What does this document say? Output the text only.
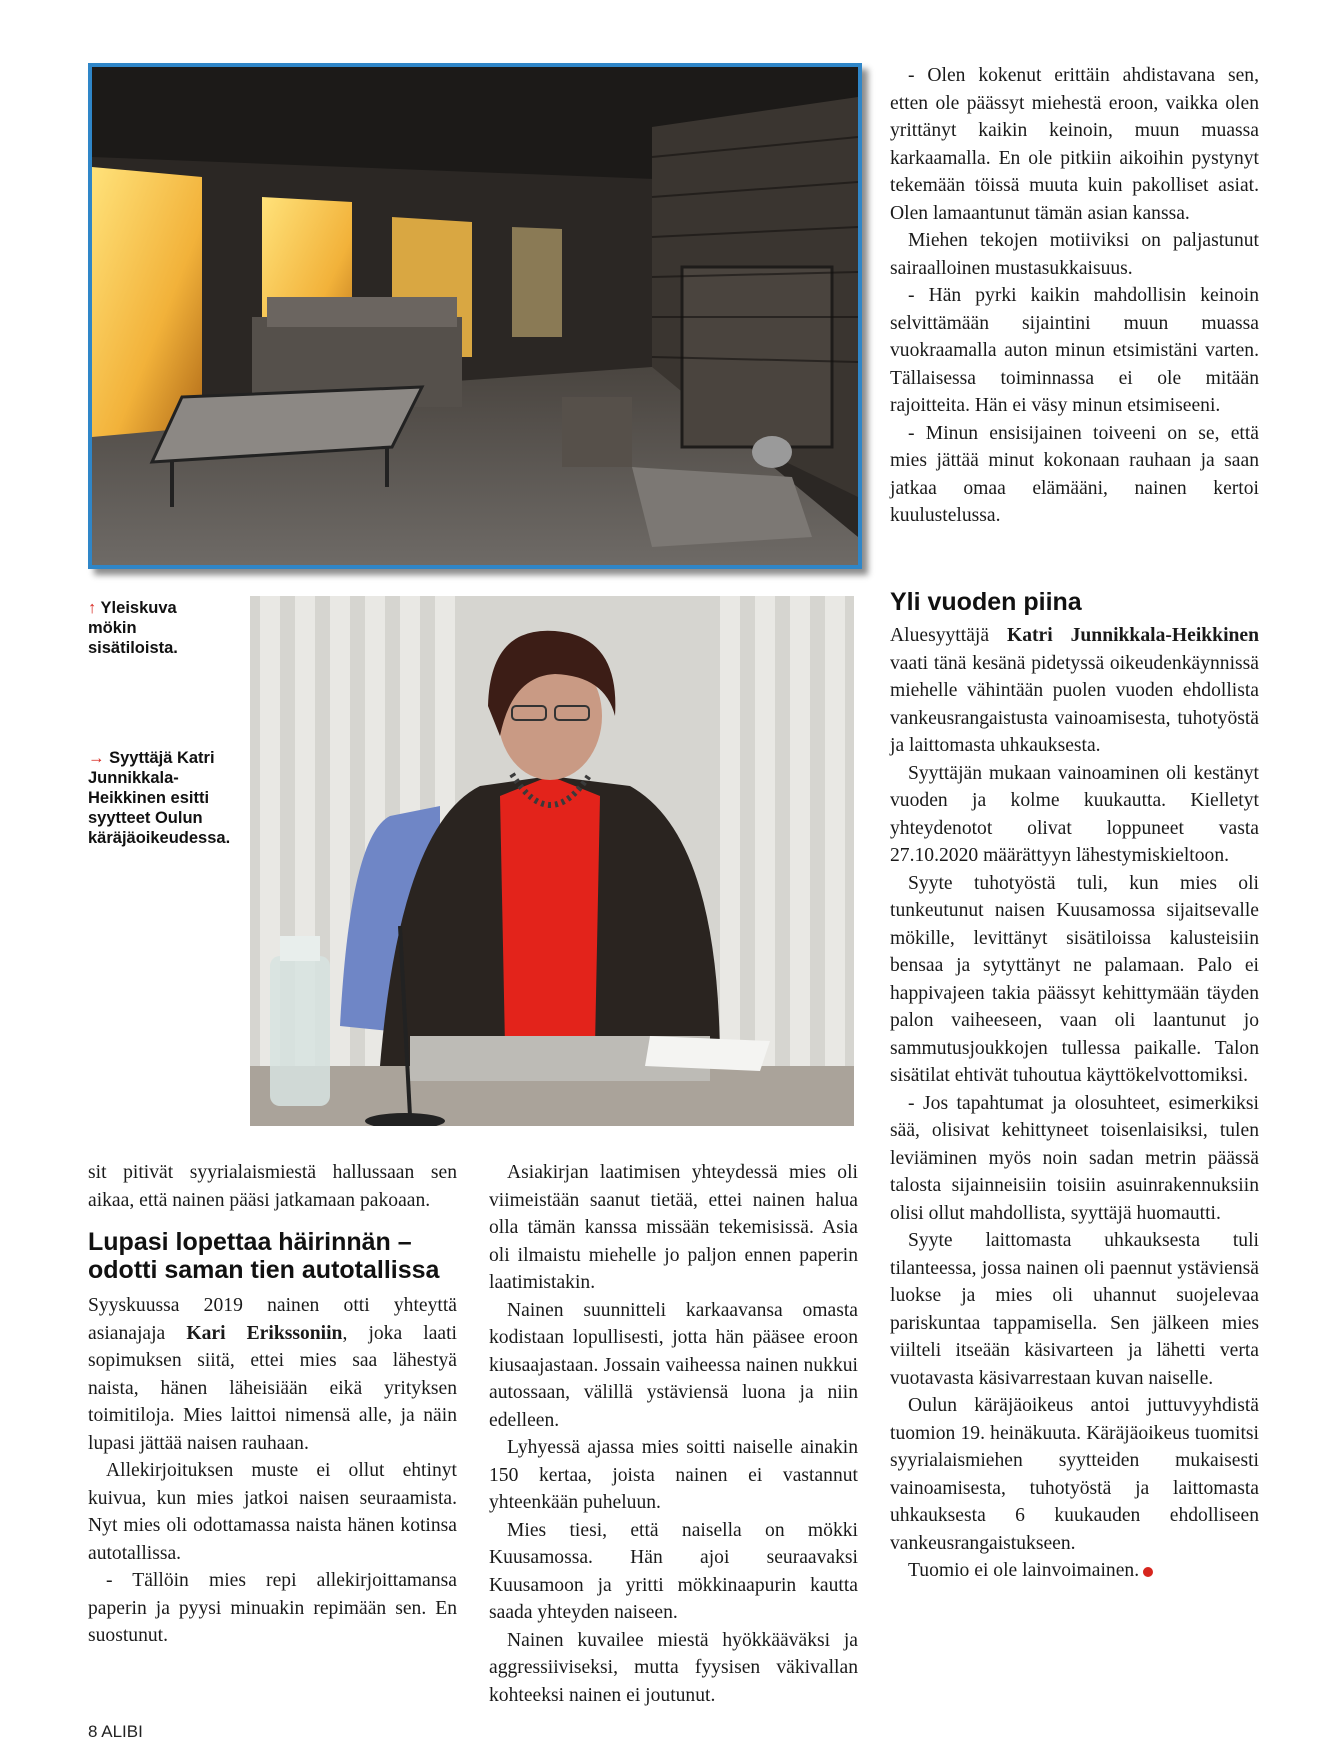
↑ Yleiskuva mökin sisätiloista.
→ Syyttäjä Katri Junnikkala-Heikkinen esitti syytteet Oulun käräjäoikeudessa.

- Olen kokenut erittäin ahdistavana sen, etten ole päässyt miehestä eroon, vaikka olen yrittänyt kaikin keinoin, muun muassa karkaamalla. En ole pitkiin aikoihin pystynyt tekemään töissä muuta kuin pakolliset asiat. Olen lamaantunut tämän asian kanssa.

Miehen tekojen motiiviksi on paljastunut sairaalloinen mustasukkaisuus.

- Hän pyrki kaikin mahdollisin keinoin selvittämään sijaintini muun muassa vuokraamalla auton minun etsimistäni varten. Tällaisessa toiminnassa ei ole mitään rajoitteita. Hän ei väsy minun etsimiseeni.

- Minun ensisijainen toiveeni on se, että mies jättää minut kokonaan rauhaan ja saan jatkaa omaa elämääni, nainen kertoi kuulustelussa.

Yli vuoden piina

Aluesyyttäjä Katri Junnikkala-Heikkinen vaati tänä kesänä pidetyssä oikeudenkäynnissä miehelle vähintään puolen vuoden ehdollista vankeusrangaistusta vainoamisesta, tuhotyöstä ja laittomasta uhkauksesta.

Syyttäjän mukaan vainoaminen oli kestänyt vuoden ja kolme kuukautta. Kielletyt yhteydenotot olivat loppuneet vasta 27.10.2020 määrättyyn lähestymiskieltoon.

Syyte tuhotyöstä tuli, kun mies oli tunkeutunut naisen Kuusamossa sijaitsevalle mökille, levittänyt sisätiloissa kalusteisiin bensaa ja sytyttänyt ne palamaan. Palo ei happivajeen takia päässyt kehittymään täyden palon vaiheeseen, vaan oli laantunut jo sammutusjoukkojen tullessa paikalle. Talon sisätilat ehtivät tuhoutua käyttökelvottomiksi.

- Jos tapahtumat ja olosuhteet, esimerkiksi sää, olisivat kehittyneet toisenlaisiksi, tulen leviäminen myös noin sadan metrin päässä talosta sijainneisiin toisiin asuinrakennuksiin olisi ollut mahdollista, syyttäjä huomautti.

Syyte laittomasta uhkauksesta tuli tilanteessa, jossa nainen oli paennut ystäviensä luokse ja mies oli uhannut suojelevaa pariskuntaa tappamisella. Sen jälkeen mies viilteli itseään käsivarteen ja lähetti verta vuotavasta käsivarrestaan kuvan naiselle.

Oulun käräjäoikeus antoi juttuvyyhdistä tuomion 19. heinäkuuta. Käräjäoikeus tuomitsi syyrialaismiehen syytteiden mukaisesti vainoamisesta, tuhotyöstä ja laittomasta uhkauksesta 6 kuukauden ehdolliseen vankeusrangaistukseen.

Tuomio ei ole lainvoimainen.

sit pitivät syyrialaismiestä hallussaan sen aikaa, että nainen pääsi jatkamaan pakoaan.

Lupasi lopettaa häirinnän – odotti saman tien autotallissa

Syyskuussa 2019 nainen otti yhteyttä asianajaja Kari Erikssoniin, joka laati sopimuksen siitä, ettei mies saa lähestyä naista, hänen läheisiään eikä yrityksen toimitiloja. Mies laittoi nimensä alle, ja näin lupasi jättää naisen rauhaan.

Allekirjoituksen muste ei ollut ehtinyt kuivua, kun mies jatkoi naisen seuraamista. Nyt mies oli odottamassa naista hänen kotinsa autotallissa.

- Tällöin mies repi allekirjoittamansa paperin ja pyysi minuakin repimään sen. En suostunut.

Asiakirjan laatimisen yhteydessä mies oli viimeistään saanut tietää, ettei nainen halua olla tämän kanssa missään tekemisissä. Asia oli ilmaistu miehelle jo paljon ennen paperin laatimistakin.

Nainen suunnitteli karkaavansa omasta kodistaan lopullisesti, jotta hän pääsee eroon kiusaajastaan. Jossain vaiheessa nainen nukkui autossaan, välillä ystäviensä luona ja niin edelleen.

Lyhyessä ajassa mies soitti naiselle ainakin 150 kertaa, joista nainen ei vastannut yhteenkään puheluun.

Mies tiesi, että naisella on mökki Kuusamossa. Hän ajoi seuraavaksi Kuusamoon ja yritti mökkinaapurin kautta saada yhteyden naiseen.

Nainen kuvailee miestä hyökkääväksi ja aggressiiviseksi, mutta fyysisen väkivallan kohteeksi nainen ei joutunut.

8 ALIBI
